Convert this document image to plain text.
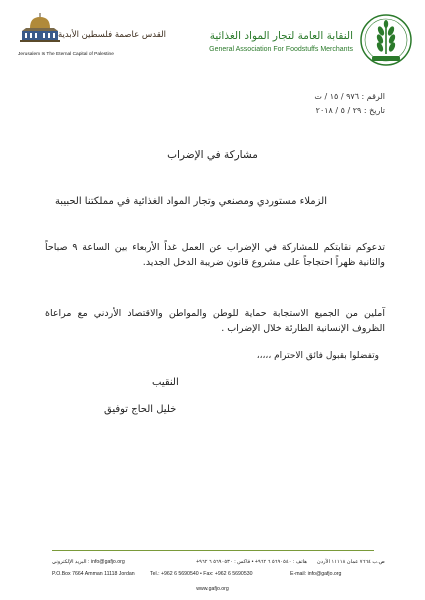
القدس عاصمة فلسطين الأبدية
Jerusalem Is The Eternal Capital of Palestine
النقابة العامة لتجار المواد الغذائية
General Association For Foodstuffs Merchants
الرقم : ٩٧٦ / ١٥ / ت
تاريخ : ٢٩ / ٥ / ٢٠١٨
مشاركة في الإضراب
الزملاء مستوردي ومصنعي وتجار المواد الغذائية في مملكتنا الحبيبة
تدعوكم نقابتكم للمشاركة في الإضراب عن العمل غداً الأربعاء بين الساعة ٩ صباحاً والثانية ظهراً احتجاجاً على مشروع قانون ضريبة الدخل الجديد.
آملين من الجميع الاستجابة حماية للوطن والمواطن والاقتصاد الأردني مع مراعاة الظروف الإنسانية الطارئة خلال الإضراب .
وتفضلوا بقبول فائق الاحترام ،،،،،
النقيب
خليل الحاج توفيق
ص.ب ٧٦٦٤ عمان ١١١١٨ الأردن
هاتف : ٥٦٩٠٥٤٠ ٦ ٩٦٢+ • فاكس : ٥٦٩٠٥٣٠ ٦ ٩٦٢+
info@gafjo.org : البريد الإلكتروني
P.O.Box 7664 Amman 11118 Jordan	Tel.: +962 6 5690540 • Fax: +962 6 5690530	E-mail: info@gafjo.org
www.gafjo.org
